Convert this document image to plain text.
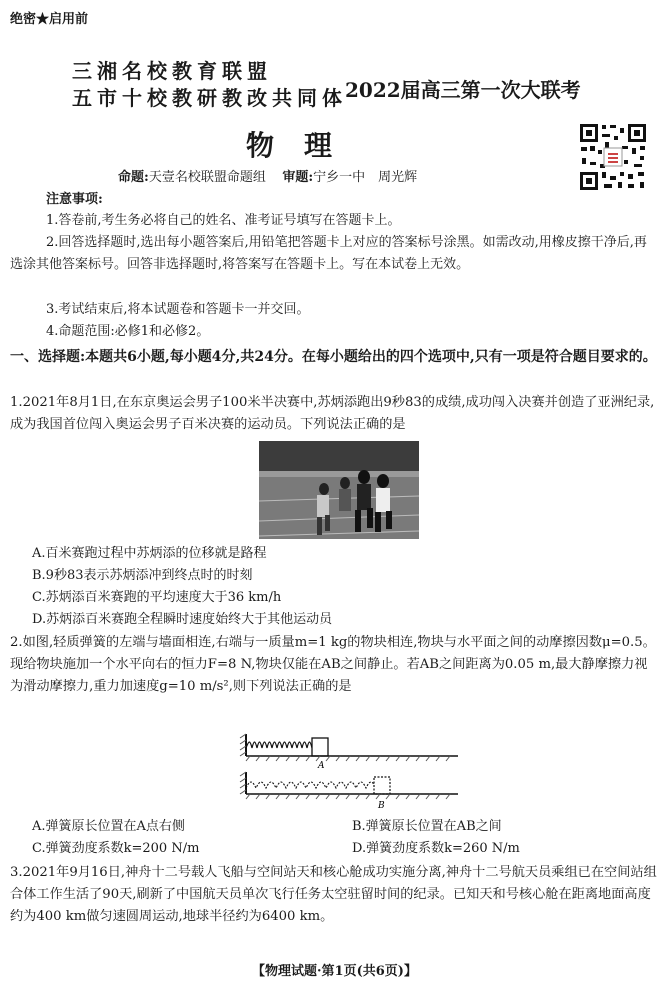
绝密★启用前
三湘名校教育联盟
五市十校教研教改共同体
2022届高三第一次大联考
物理
命题:天壹名校联盟命题组 审题:宁乡一中　周光辉
注意事项:
1.答卷前,考生务必将自己的姓名、准考证号填写在答题卡上。
2.回答选择题时,选出每小题答案后,用铅笔把答题卡上对应的答案标号涂黑。如需改动,用橡皮擦干净后,再选涂其他答案标号。回答非选择题时,将答案写在答题卡上。写在本试卷上无效。
3.考试结束后,将本试题卷和答题卡一并交回。
4.命题范围:必修1和必修2。
一、选择题:本题共6小题,每小题4分,共24分。在每小题给出的四个选项中,只有一项是符合题目要求的。
1.2021年8月1日,在东京奥运会男子100米半决赛中,苏炳添跑出9秒83的成绩,成功闯入决赛并创造了亚洲纪录,成为我国首位闯入奥运会男子百米决赛的运动员。下列说法正确的是
A.百米赛跑过程中苏炳添的位移就是路程
B.9秒83表示苏炳添冲到终点时的时刻
C.苏炳添百米赛跑的平均速度大于36 km/h
D.苏炳添百米赛跑全程瞬时速度始终大于其他运动员
2.如图,轻质弹簧的左端与墙面相连,右端与一质量m=1 kg的物块相连,物块与水平面之间的动摩擦因数μ=0.5。现给物块施加一个水平向右的恒力F=8 N,物块仅能在AB之间静止。若AB之间距离为0.05 m,最大静摩擦力视为滑动摩擦力,重力加速度g=10 m/s²,则下列说法正确的是
A
B
A.弹簧原长位置在A点右侧	B.弹簧原长位置在AB之间
C.弹簧劲度系数k=200 N/m	D.弹簧劲度系数k=260 N/m
3.2021年9月16日,神舟十二号载人飞船与空间站天和核心舱成功实施分离,神舟十二号航天员乘组已在空间站组合体工作生活了90天,刷新了中国航天员单次飞行任务太空驻留时间的纪录。已知天和号核心舱在距离地面高度约为400 km做匀速圆周运动,地球半径约为6400 km。
【物理试题·第1页(共6页)】
